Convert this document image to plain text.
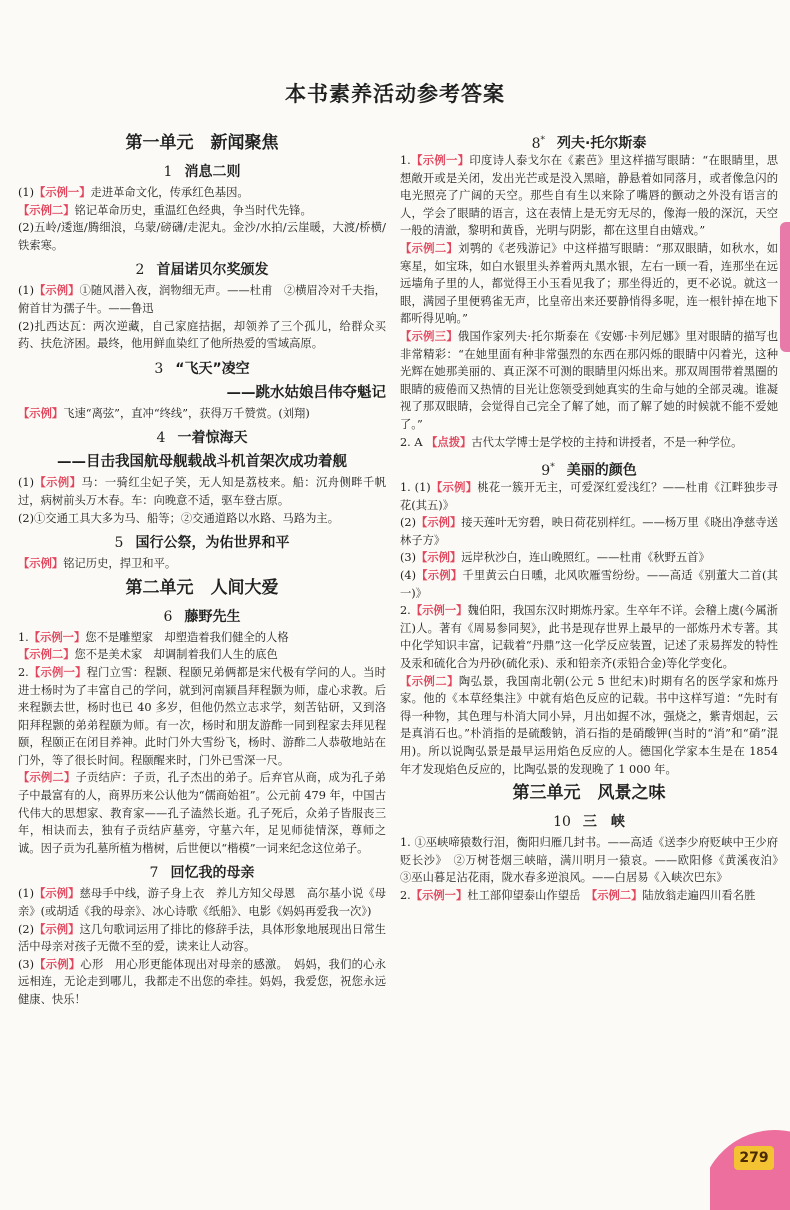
本书素养活动参考答案
第一单元　新闻聚焦
1 消息二则

(1)【示例一】走进革命文化，传承红色基因。

【示例二】铭记革命历史，重温红色经典，争当时代先锋。

(2)五岭/逶迤/腾细浪，乌蒙/磅礴/走泥丸。金沙/水拍/云崖暖，大渡/桥横/铁索寒。

2 首届诺贝尔奖颁发

(1)【示例】①随风潜入夜，润物细无声。——杜甫　②横眉冷对千夫指，俯首甘为孺子牛。——鲁迅

(2)扎西达瓦：两次逆藏，自己家庭拮据，却领养了三个孤儿，给群众买药、扶危济困。最终，他用鲜血染红了他所热爱的雪域高原。

3 “飞天”凌空
——跳水姑娘吕伟夺魁记

【示例】飞速“离弦”，直冲“终线”，获得万千赞赏。(刘翔)

4 一着惊海天
——目击我国航母舰载战斗机首架次成功着舰

(1)【示例】马：一骑红尘妃子笑，无人知是荔枝来。船：沉舟侧畔千帆过，病树前头万木春。车：向晚意不适，驱车登古原。

(2)①交通工具大多为马、船等；②交通道路以水路、马路为主。

5 国行公祭，为佑世界和平

【示例】铭记历史，捍卫和平。

第二单元　人间大爱
6 藤野先生

1.【示例一】您不是雕塑家　却塑造着我们健全的人格

【示例二】您不是美术家　却调制着我们人生的底色

2.【示例一】程门立雪：程颢、程颐兄弟俩都是宋代极有学问的人。当时进士杨时为了丰富自己的学问，就到河南颍昌拜程颢为师，虚心求教。后来程颢去世，杨时也已 40 多岁，但他仍然立志求学，刻苦钻研，又到洛阳拜程颢的弟弟程颐为师。有一次，杨时和朋友游酢一同到程家去拜见程颐，程颐正在闭目养神。此时门外大雪纷飞，杨时、游酢二人恭敬地站在门外，等了很长时间。程颐醒来时，门外已雪深一尺。

【示例二】子贡结庐：子贡，孔子杰出的弟子。后弃官从商，成为孔子弟子中最富有的人，商界历来公认他为“儒商始祖”。公元前 479 年，中国古代伟大的思想家、教育家——孔子溘然长逝。孔子死后，众弟子皆服丧三年，相诀而去，独有子贡结庐墓旁，守墓六年，足见师徒情深，尊师之诚。因子贡为孔墓所植为楷树，后世便以“楷模”一词来纪念这位弟子。

7 回忆我的母亲

(1)【示例】慈母手中线，游子身上衣　养儿方知父母恩　高尔基小说《母亲》(或胡适《我的母亲》、冰心诗歌《纸船》、电影《妈妈再爱我一次》)

(2)【示例】这几句歌词运用了排比的修辞手法，具体形象地展现出日常生活中母亲对孩子无微不至的爱，读来让人动容。

(3)【示例】心形　用心形更能体现出对母亲的感激。　妈妈，我们的心永远相连，无论走到哪儿，我都走不出您的牵挂。妈妈，我爱您，祝您永远健康、快乐！

8* 列夫·托尔斯泰

1.【示例一】印度诗人泰戈尔在《素芭》里这样描写眼睛：“在眼睛里，思想敞开或是关闭，发出光芒或是没入黑暗，静悬着如同落月，或者像急闪的电光照亮了广阔的天空。那些自有生以来除了嘴唇的颤动之外没有语言的人，学会了眼睛的语言，这在表情上是无穷无尽的，像海一般的深沉，天空一般的清澈，黎明和黄昏，光明与阴影，都在这里自由嬉戏。”

【示例二】刘鹗的《老残游记》中这样描写眼睛：“那双眼睛，如秋水，如寒星，如宝珠，如白水银里头养着两丸黑水银，左右一顾一看，连那坐在远远墙角子里的人，都觉得王小玉看见我了；那坐得近的，更不必说。就这一眼，满园子里便鸦雀无声，比皇帝出来还要静悄得多呢，连一根针掉在地下都听得见响。”

【示例三】俄国作家列夫·托尔斯泰在《安娜·卡列尼娜》里对眼睛的描写也非常精彩：“在她里面有种非常强烈的东西在那闪烁的眼睛中闪着光，这种光辉在她那美丽的、真正深不可测的眼睛里闪烁出来。那双周围带着黑圈的眼睛的疲倦而又热情的目光让您领受到她真实的生命与她的全部灵魂。谁凝视了那双眼睛，会觉得自己完全了解了她，而了解了她的时候就不能不爱她了。”

2. A 【点拨】古代太学博士是学校的主持和讲授者，不是一种学位。

9* 美丽的颜色

1. (1)【示例】桃花一簇开无主，可爱深红爱浅红？——杜甫《江畔独步寻花(其五)》

(2)【示例】接天莲叶无穷碧，映日荷花别样红。——杨万里《晓出净慈寺送林子方》

(3)【示例】远岸秋沙白，连山晚照红。——杜甫《秋野五首》

(4)【示例】千里黄云白日曛，北风吹雁雪纷纷。——高适《别董大二首(其一)》

2.【示例一】魏伯阳，我国东汉时期炼丹家。生卒年不详。会稽上虞(今属浙江)人。著有《周易参同契》，此书是现存世界上最早的一部炼丹术专著。其中化学知识丰富，记载着“丹鼎”这一化学反应装置，记述了汞易挥发的特性及汞和硫化合为丹砂(硫化汞)、汞和铅亲齐(汞铅合金)等化学变化。

【示例二】陶弘景，我国南北朝(公元 5 世纪末)时期有名的医学家和炼丹家。他的《本草经集注》中就有焰色反应的记载。书中这样写道：“先时有得一种物，其色理与朴消大同小异，月出如握不冰，强烧之，紫青烟起，云是真消石也。”朴消指的是硫酸钠，消石指的是硝酸钾(当时的“消”和“硝”混用)。所以说陶弘景是最早运用焰色反应的人。德国化学家本生是在 1854 年才发现焰色反应的，比陶弘景的发现晚了 1 000 年。

第三单元　风景之味
10 三　峡

1. ①巫峡啼猿数行泪，衡阳归雁几封书。——高适《送李少府贬峡中王少府贬长沙》　②万树苍烟三峡暗，满川明月一猿哀。——欧阳修《黄溪夜泊》　③巫山暮足沾花雨，陇水春多逆浪风。——白居易《入峡次巴东》

2.【示例一】杜工部仰望泰山作望岳　【示例二】陆放翁走遍四川看名胜

279
